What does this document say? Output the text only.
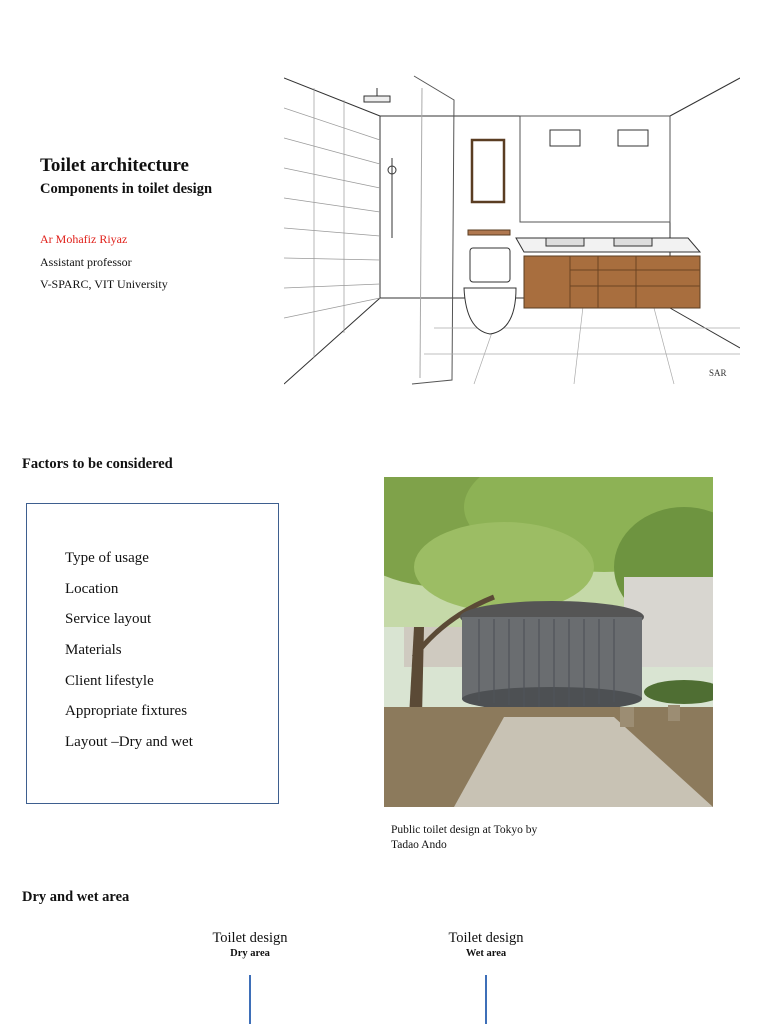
Toilet architecture
Components in toilet design
Ar Mohafiz Riyaz
Assistant professor
V-SPARC, VIT University
SAR
Factors to be considered
Type of usage
Location
Service layout
Materials
Client lifestyle
Appropriate fixtures
Layout –Dry and wet
Public toilet design at Tokyo by
Tadao Ando
Dry and wet area
Toilet design
Dry area
Toilet design
Wet area
